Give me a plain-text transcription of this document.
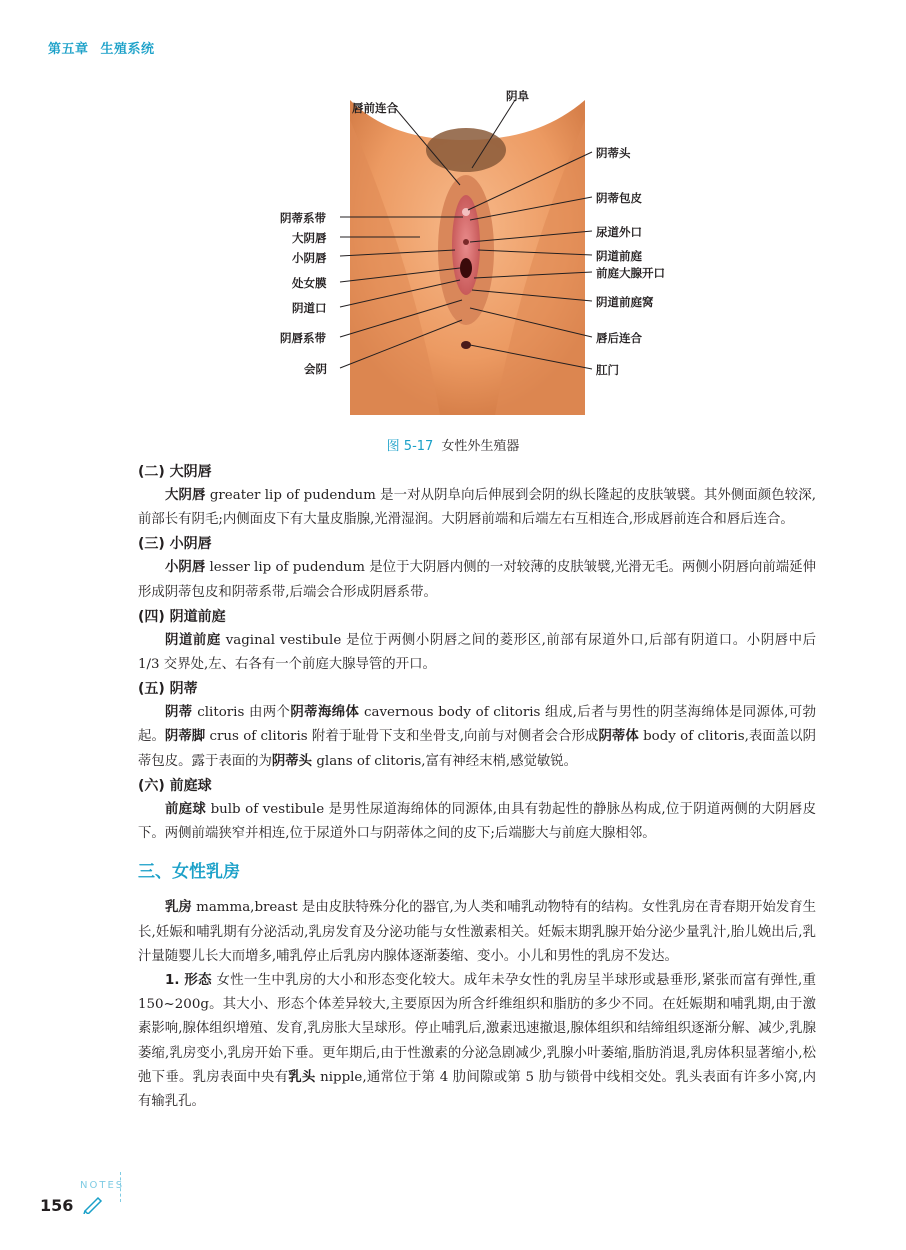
第五章 生殖系统
唇前连合
阴蒂系带
大阴唇
小阴唇
处女膜
阴道口
阴唇系带
会阴
阴阜
阴蒂头
阴蒂包皮
尿道外口
阴道前庭
前庭大腺开口
阴道前庭窝
唇后连合
肛门
图 5-17 女性外生殖器

(二) 大阴唇

大阴唇 greater lip of pudendum 是一对从阴阜向后伸展到会阴的纵长隆起的皮肤皱襞。其外侧面颜色较深,前部长有阴毛;内侧面皮下有大量皮脂腺,光滑湿润。大阴唇前端和后端左右互相连合,形成唇前连合和唇后连合。

(三) 小阴唇

小阴唇 lesser lip of pudendum 是位于大阴唇内侧的一对较薄的皮肤皱襞,光滑无毛。两侧小阴唇向前端延伸形成阴蒂包皮和阴蒂系带,后端会合形成阴唇系带。

(四) 阴道前庭

阴道前庭 vaginal vestibule 是位于两侧小阴唇之间的菱形区,前部有尿道外口,后部有阴道口。小阴唇中后 1/3 交界处,左、右各有一个前庭大腺导管的开口。

(五) 阴蒂

阴蒂 clitoris 由两个阴蒂海绵体 cavernous body of clitoris 组成,后者与男性的阴茎海绵体是同源体,可勃起。阴蒂脚 crus of clitoris 附着于耻骨下支和坐骨支,向前与对侧者会合形成阴蒂体 body of clitoris,表面盖以阴蒂包皮。露于表面的为阴蒂头 glans of clitoris,富有神经末梢,感觉敏锐。

(六) 前庭球

前庭球 bulb of vestibule 是男性尿道海绵体的同源体,由具有勃起性的静脉丛构成,位于阴道两侧的大阴唇皮下。两侧前端狭窄并相连,位于尿道外口与阴蒂体之间的皮下;后端膨大与前庭大腺相邻。

三、女性乳房

乳房 mamma,breast 是由皮肤特殊分化的器官,为人类和哺乳动物特有的结构。女性乳房在青春期开始发育生长,妊娠和哺乳期有分泌活动,乳房发育及分泌功能与女性激素相关。妊娠末期乳腺开始分泌少量乳汁,胎儿娩出后,乳汁量随婴儿长大而增多,哺乳停止后乳房内腺体逐渐萎缩、变小。小儿和男性的乳房不发达。

1. 形态 女性一生中乳房的大小和形态变化较大。成年未孕女性的乳房呈半球形或悬垂形,紧张而富有弹性,重 150~200g。其大小、形态个体差异较大,主要原因为所含纤维组织和脂肪的多少不同。在妊娠期和哺乳期,由于激素影响,腺体组织增殖、发育,乳房胀大呈球形。停止哺乳后,激素迅速撤退,腺体组织和结缔组织逐渐分解、减少,乳腺萎缩,乳房变小,乳房开始下垂。更年期后,由于性激素的分泌急剧减少,乳腺小叶萎缩,脂肪消退,乳房体积显著缩小,松弛下垂。乳房表面中央有乳头 nipple,通常位于第 4 肋间隙或第 5 肋与锁骨中线相交处。乳头表面有许多小窝,内有输乳孔。

NOTES
156
